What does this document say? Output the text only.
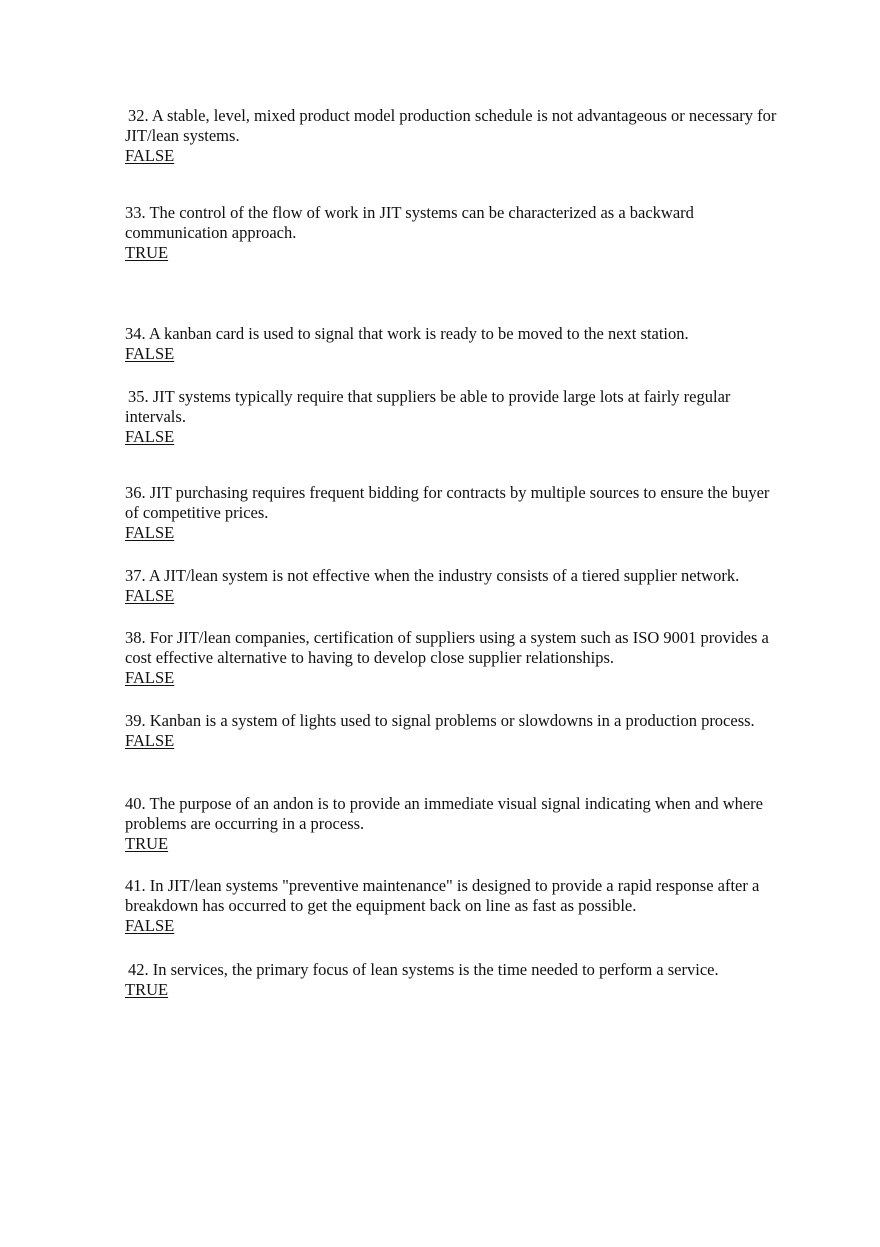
32. A stable, level, mixed product model production schedule is not advantageous or necessary for JIT/lean systems.
FALSE
33. The control of the flow of work in JIT systems can be characterized as a backward communication approach.
TRUE
34. A kanban card is used to signal that work is ready to be moved to the next station.
FALSE
35. JIT systems typically require that suppliers be able to provide large lots at fairly regular intervals.
FALSE
36. JIT purchasing requires frequent bidding for contracts by multiple sources to ensure the buyer of competitive prices.
FALSE
37. A JIT/lean system is not effective when the industry consists of a tiered supplier network.
FALSE
38. For JIT/lean companies, certification of suppliers using a system such as ISO 9001 provides a cost effective alternative to having to develop close supplier relationships.
FALSE
39. Kanban is a system of lights used to signal problems or slowdowns in a production process.
FALSE
40. The purpose of an andon is to provide an immediate visual signal indicating when and where problems are occurring in a process.
TRUE
41. In JIT/lean systems "preventive maintenance" is designed to provide a rapid response after a breakdown has occurred to get the equipment back on line as fast as possible.
FALSE
42. In services, the primary focus of lean systems is the time needed to perform a service.
TRUE
